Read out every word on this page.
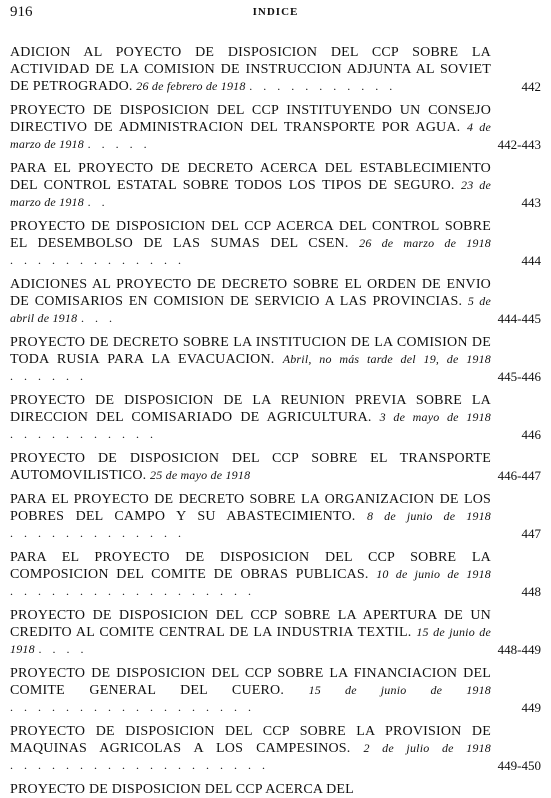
916	INDICE
ADICION AL POYECTO DE DISPOSICION DEL CCP SOBRE LA ACTIVIDAD DE LA COMISION DE INSTRUCCION ADJUNTA AL SOVIET DE PETROGRADO. 26 de febrero de 1918 . . . . . . . . . . .	442
PROYECTO DE DISPOSICION DEL CCP INSTITUYENDO UN CONSEJO DIRECTIVO DE ADMINISTRACION DEL TRANSPORTE POR AGUA. 4 de marzo de 1918 . . . . .	442-443
PARA EL PROYECTO DE DECRETO ACERCA DEL ESTABLECIMIENTO DEL CONTROL ESTATAL SOBRE TODOS LOS TIPOS DE SEGURO. 23 de marzo de 1918 . .	443
PROYECTO DE DISPOSICION DEL CCP ACERCA DEL CONTROL SOBRE EL DESEMBOLSO DE LAS SUMAS DEL CSEN. 26 de marzo de 1918 . . . . . . . . . . . . .	444
ADICIONES AL PROYECTO DE DECRETO SOBRE EL ORDEN DE ENVIO DE COMISARIOS EN COMISION DE SERVICIO A LAS PROVINCIAS. 5 de abril de 1918 . . .	444-445
PROYECTO DE DECRETO SOBRE LA INSTITUCION DE LA COMISION DE TODA RUSIA PARA LA EVACUACION. Abril, no más tarde del 19, de 1918 . . . . . .	445-446
PROYECTO DE DISPOSICION DE LA REUNION PREVIA SOBRE LA DIRECCION DEL COMISARIADO DE AGRICULTURA. 3 de mayo de 1918 . . . . . . . . . . .	446
PROYECTO DE DISPOSICION DEL CCP SOBRE EL TRANSPORTE AUTOMOVILISTICO. 25 de mayo de 1918	446-447
PARA EL PROYECTO DE DECRETO SOBRE LA ORGANIZACION DE LOS POBRES DEL CAMPO Y SU ABASTECIMIENTO. 8 de junio de 1918 . . . . . . . . . . . . .	447
PARA EL PROYECTO DE DISPOSICION DEL CCP SOBRE LA COMPOSICION DEL COMITE DE OBRAS PUBLICAS. 10 de junio de 1918 . . . . . . . . . . . . . . . . . .	448
PROYECTO DE DISPOSICION DEL CCP SOBRE LA APERTURA DE UN CREDITO AL COMITE CENTRAL DE LA INDUSTRIA TEXTIL. 15 de junio de 1918 . . . .	448-449
PROYECTO DE DISPOSICION DEL CCP SOBRE LA FINANCIACION DEL COMITE GENERAL DEL CUERO. 15 de junio de 1918 . . . . . . . . . . . . . . . . . .	449
PROYECTO DE DISPOSICION DEL CCP SOBRE LA PROVISION DE MAQUINAS AGRICOLAS A LOS CAMPESINOS. 2 de julio de 1918 . . . . . . . . . . . . . . . . . . .	449-450
PROYECTO DE DISPOSICION DEL CCP ACERCA DEL
